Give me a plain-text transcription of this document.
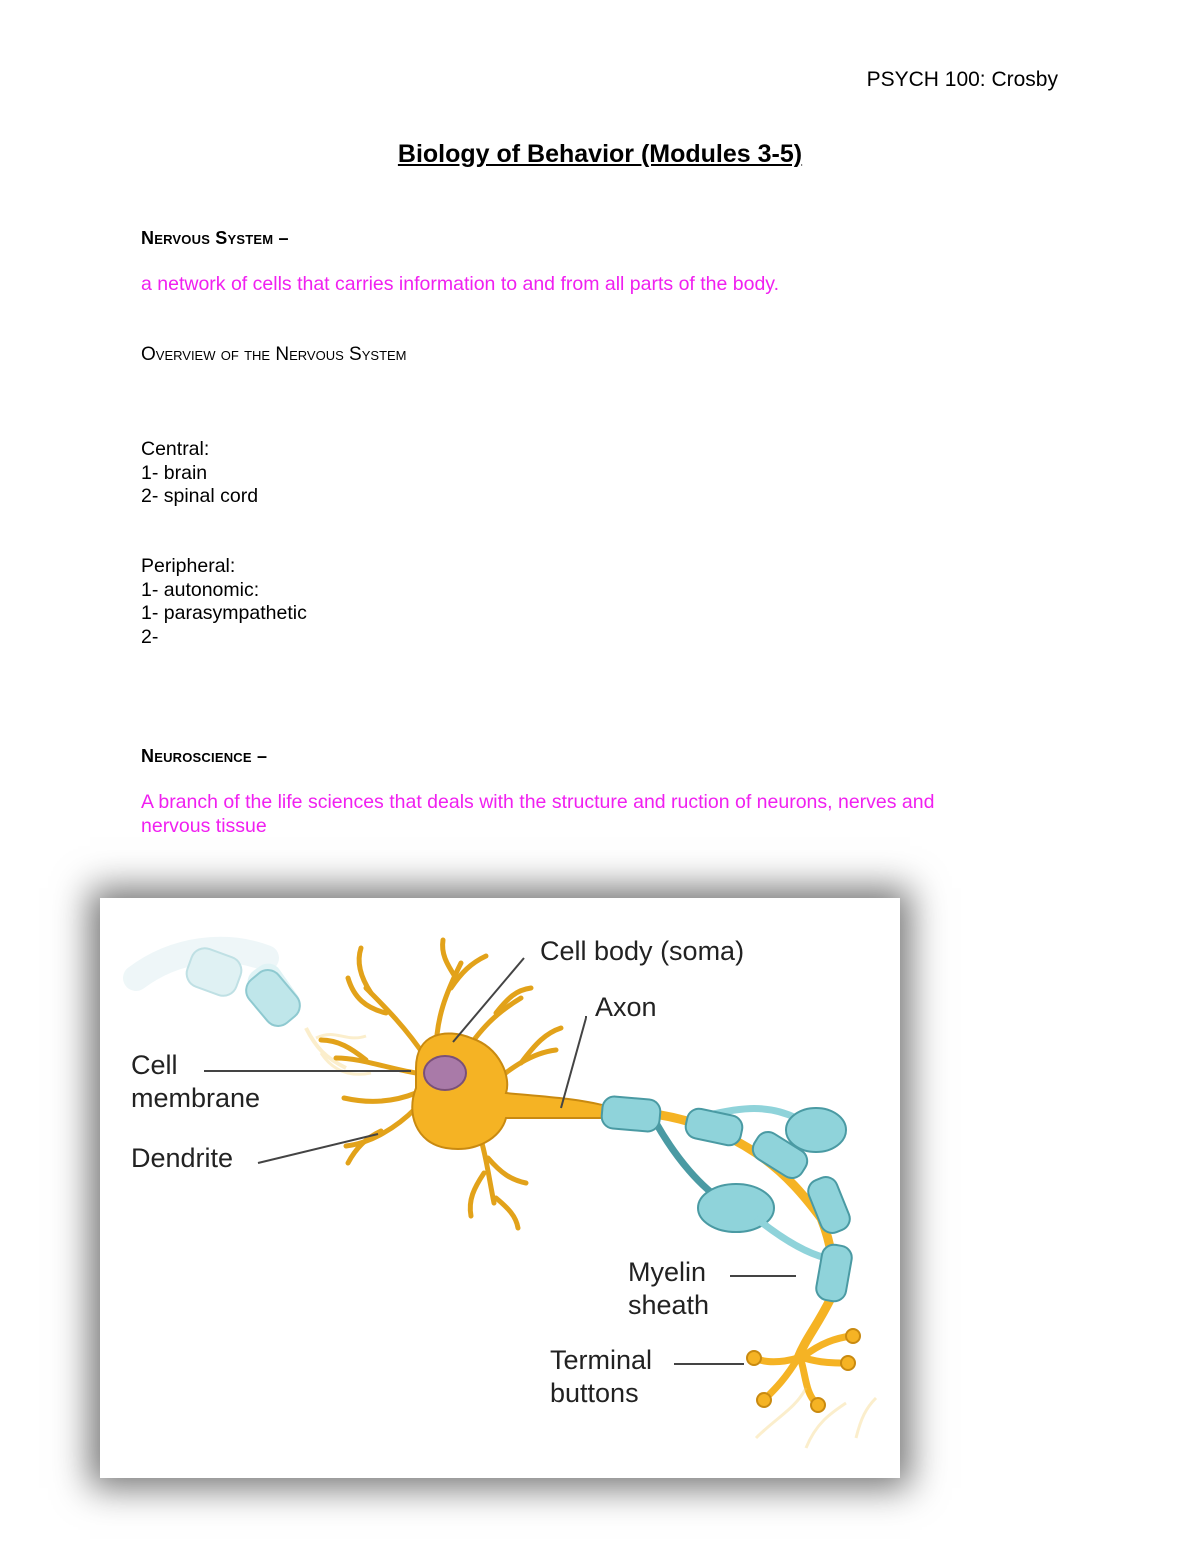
PSYCH 100: Crosby
Biology of Behavior (Modules 3-5)
Nervous System –
a network of cells that carries information to and from all parts of the body.
Overview of the Nervous System
Central:
1- brain
2- spinal cord
Peripheral:
1- autonomic:
1- parasympathetic
2-
Neuroscience –
A branch of the life sciences that deals with the structure and ruction of neurons, nerves and
nervous tissue
Cell body (soma)
Axon
Cell
membrane
Dendrite
Myelin
sheath
Terminal
buttons
